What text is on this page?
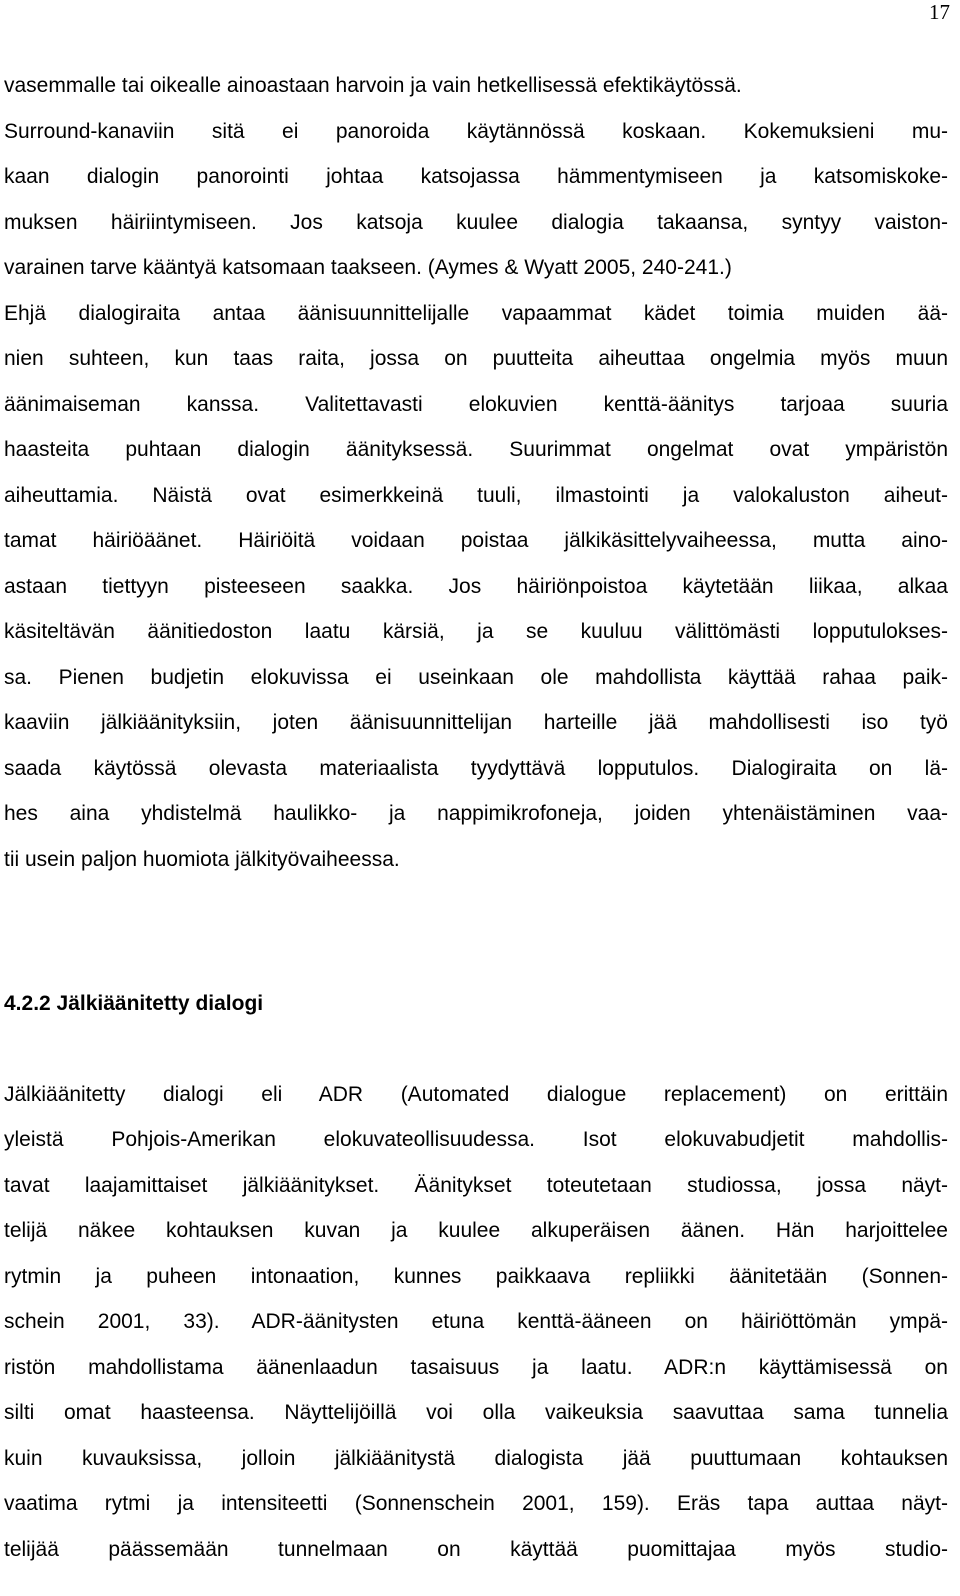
17
vasemmalle tai oikealle ainoastaan harvoin ja vain hetkellisessä efektikäytössä.
Surround-kanaviin sitä ei panoroida käytännössä koskaan. Kokemuksieni mu-
kaan dialogin panorointi johtaa katsojassa hämmentymiseen ja katsomiskoke-
muksen häiriintymiseen. Jos katsoja kuulee dialogia takaansa, syntyy vaiston-
varainen tarve kääntyä katsomaan taakseen. (Aymes & Wyatt 2005, 240-241.)
Ehjä dialogiraita antaa äänisuunnittelijalle vapaammat kädet toimia muiden ää-
nien suhteen, kun taas raita, jossa on puutteita aiheuttaa ongelmia myös muun
äänimaiseman kanssa. Valitettavasti elokuvien kenttä-äänitys tarjoaa suuria
haasteita puhtaan dialogin äänityksessä. Suurimmat ongelmat ovat ympäristön
aiheuttamia. Näistä ovat esimerkkeinä tuuli, ilmastointi ja valokaluston aiheut-
tamat häiriöäänet. Häiriöitä voidaan poistaa jälkikäsittelyvaiheessa, mutta aino-
astaan tiettyyn pisteeseen saakka. Jos häiriönpoistoa käytetään liikaa, alkaa
käsiteltävän äänitiedoston laatu kärsiä, ja se kuuluu välittömästi lopputulokses-
sa. Pienen budjetin elokuvissa ei useinkaan ole mahdollista käyttää rahaa paik-
kaaviin jälkiäänityksiin, joten äänisuunnittelijan harteille jää mahdollisesti iso työ
saada käytössä olevasta materiaalista tyydyttävä lopputulos. Dialogiraita on lä-
hes aina yhdistelmä haulikko- ja nappimikrofoneja, joiden yhtenäistäminen vaa-
tii usein paljon huomiota jälkityövaiheessa.
4.2.2 Jälkiäänitetty dialogi
Jälkiäänitetty dialogi eli ADR (Automated dialogue replacement) on erittäin
yleistä Pohjois-Amerikan elokuvateollisuudessa. Isot elokuvabudjetit mahdollis-
tavat laajamittaiset jälkiäänitykset. Äänitykset toteutetaan studiossa, jossa näyt-
telijä näkee kohtauksen kuvan ja kuulee alkuperäisen äänen. Hän harjoittelee
rytmin ja puheen intonaation, kunnes paikkaava repliikki äänitetään (Sonnen-
schein 2001, 33). ADR-äänitysten etuna kenttä-ääneen on häiriöttömän ympä-
ristön mahdollistama äänenlaadun tasaisuus ja laatu. ADR:n käyttämisessä on
silti omat haasteensa. Näyttelijöillä voi olla vaikeuksia saavuttaa sama tunnelia
kuin kuvauksissa, jolloin jälkiäänitystä dialogista jää puuttumaan kohtauksen
vaatima rytmi ja intensiteetti (Sonnenschein 2001, 159). Eräs tapa auttaa näyt-
telijää päässemään tunnelmaan on käyttää puomittajaa myös studio-
